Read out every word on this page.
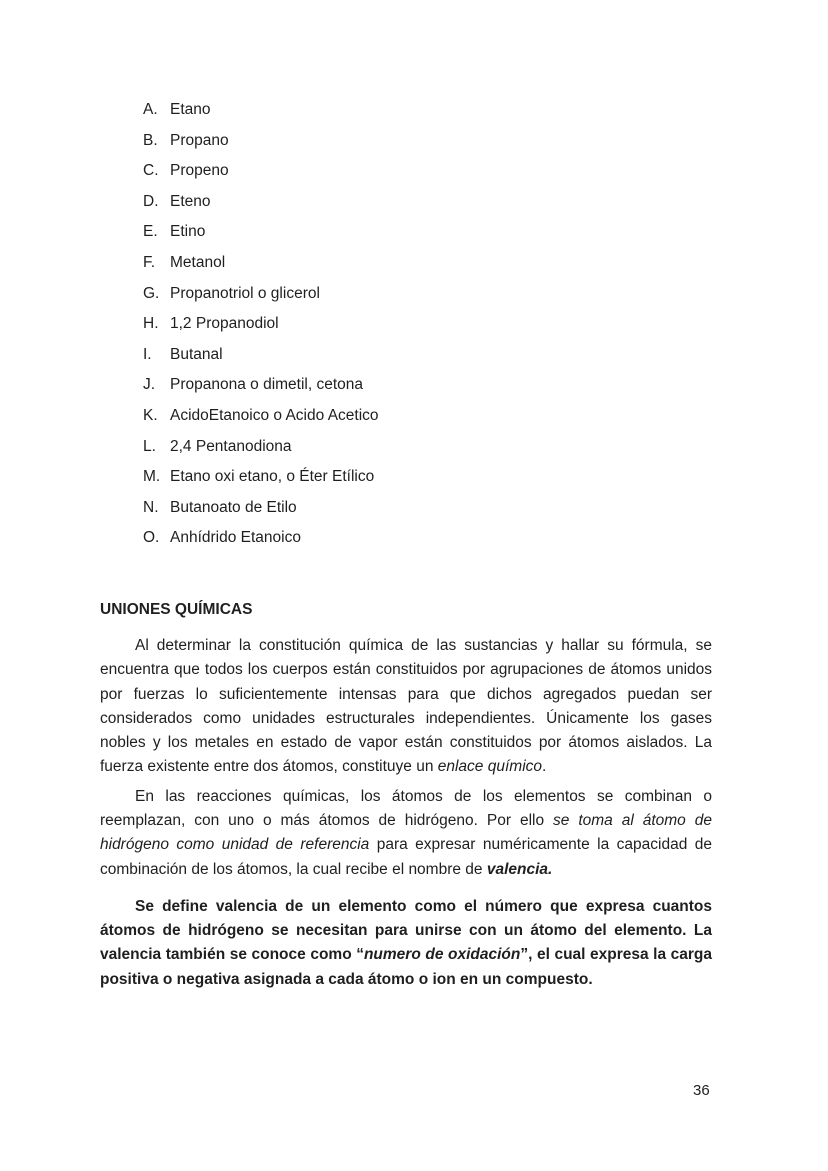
A. Etano
B. Propano
C. Propeno
D. Eteno
E. Etino
F. Metanol
G. Propanotriol o glicerol
H. 1,2 Propanodiol
I.	Butanal
J. Propanona o dimetil, cetona
K. AcidoEtanoico o Acido Acetico
L. 2,4 Pentanodiona
M. Etano oxi etano, o Éter Etílico
N. Butanoato de Etilo
O. Anhídrido Etanoico
UNIONES QUÍMICAS

Al determinar la constitución química de las sustancias y hallar su fórmula, se encuentra que todos los cuerpos están constituidos por agrupaciones de átomos unidos por fuerzas lo suficientemente intensas para que dichos agregados puedan ser considerados como unidades estructurales independientes. Únicamente los gases nobles y los metales en estado de vapor están constituidos por átomos aislados. La fuerza existente entre dos átomos, constituye un enlace químico.

En las reacciones químicas, los átomos de los elementos se combinan o reemplazan, con uno o más átomos de hidrógeno. Por ello se toma al átomo de hidrógeno como unidad de referencia para expresar numéricamente la capacidad de combinación de los átomos, la cual recibe el nombre de valencia.

Se define valencia de un elemento como el número que expresa cuantos átomos de hidrógeno se necesitan para unirse con un átomo del elemento. La valencia también se conoce como “numero de oxidación”, el cual expresa la carga positiva o negativa asignada a cada átomo o ion en un compuesto.

36
